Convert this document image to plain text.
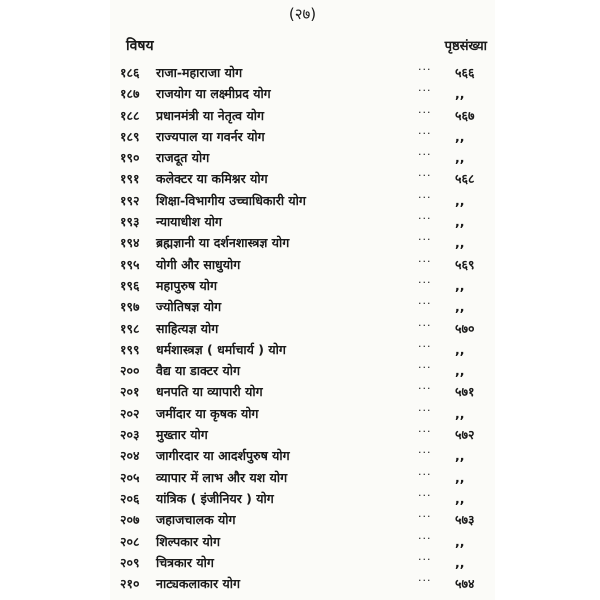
(२७)
विषय	पृष्ठसंख्या
१८६	राजा-महाराजा योग	··· ५६६
१८७	राजयोग या लक्ष्मीप्रद योग	··· ,,
१८८	प्रधानमंत्री या नेतृत्व योग	··· ५६७
१८९	राज्यपाल या गवर्नर योग	··· ,,
१९०	राजदूत योग	··· ,,
१९१	कलेक्टर या कमिश्नर योग	··· ५६८
१९२	शिक्षा-विभागीय उच्चाधिकारी योग	··· ,,
१९३	न्यायाधीश योग	··· ,,
१९४	ब्रह्मज्ञानी या दर्शनशास्त्रज्ञ योग	··· ,,
१९५	योगी और साधुयोग	··· ५६९
१९६	महापुरुष योग	··· ,,
१९७	ज्योतिषज्ञ योग	··· ,,
१९८	साहित्यज्ञ योग	··· ५७०
१९९	धर्मशास्त्रज्ञ ( धर्माचार्य ) योग	··· ,,
२००	वैद्य या डाक्टर योग	··· ,,
२०१	धनपति या व्यापारी योग	··· ५७१
२०२	जमींदार या कृषक योग	··· ,,
२०३	मुख्तार योग	··· ५७२
२०४	जागीरदार या आदर्शपुरुष योग	··· ,,
२०५	व्यापार में लाभ और यश योग	··· ,,
२०६	यांत्रिक ( इंजीनियर ) योग	··· ,,
२०७	जहाजचालक योग	··· ५७३
२०८	शिल्पकार योग	··· ,,
२०९	चित्रकार योग	··· ,,
२१०	नाट्यकलाकार योग	··· ५७४
